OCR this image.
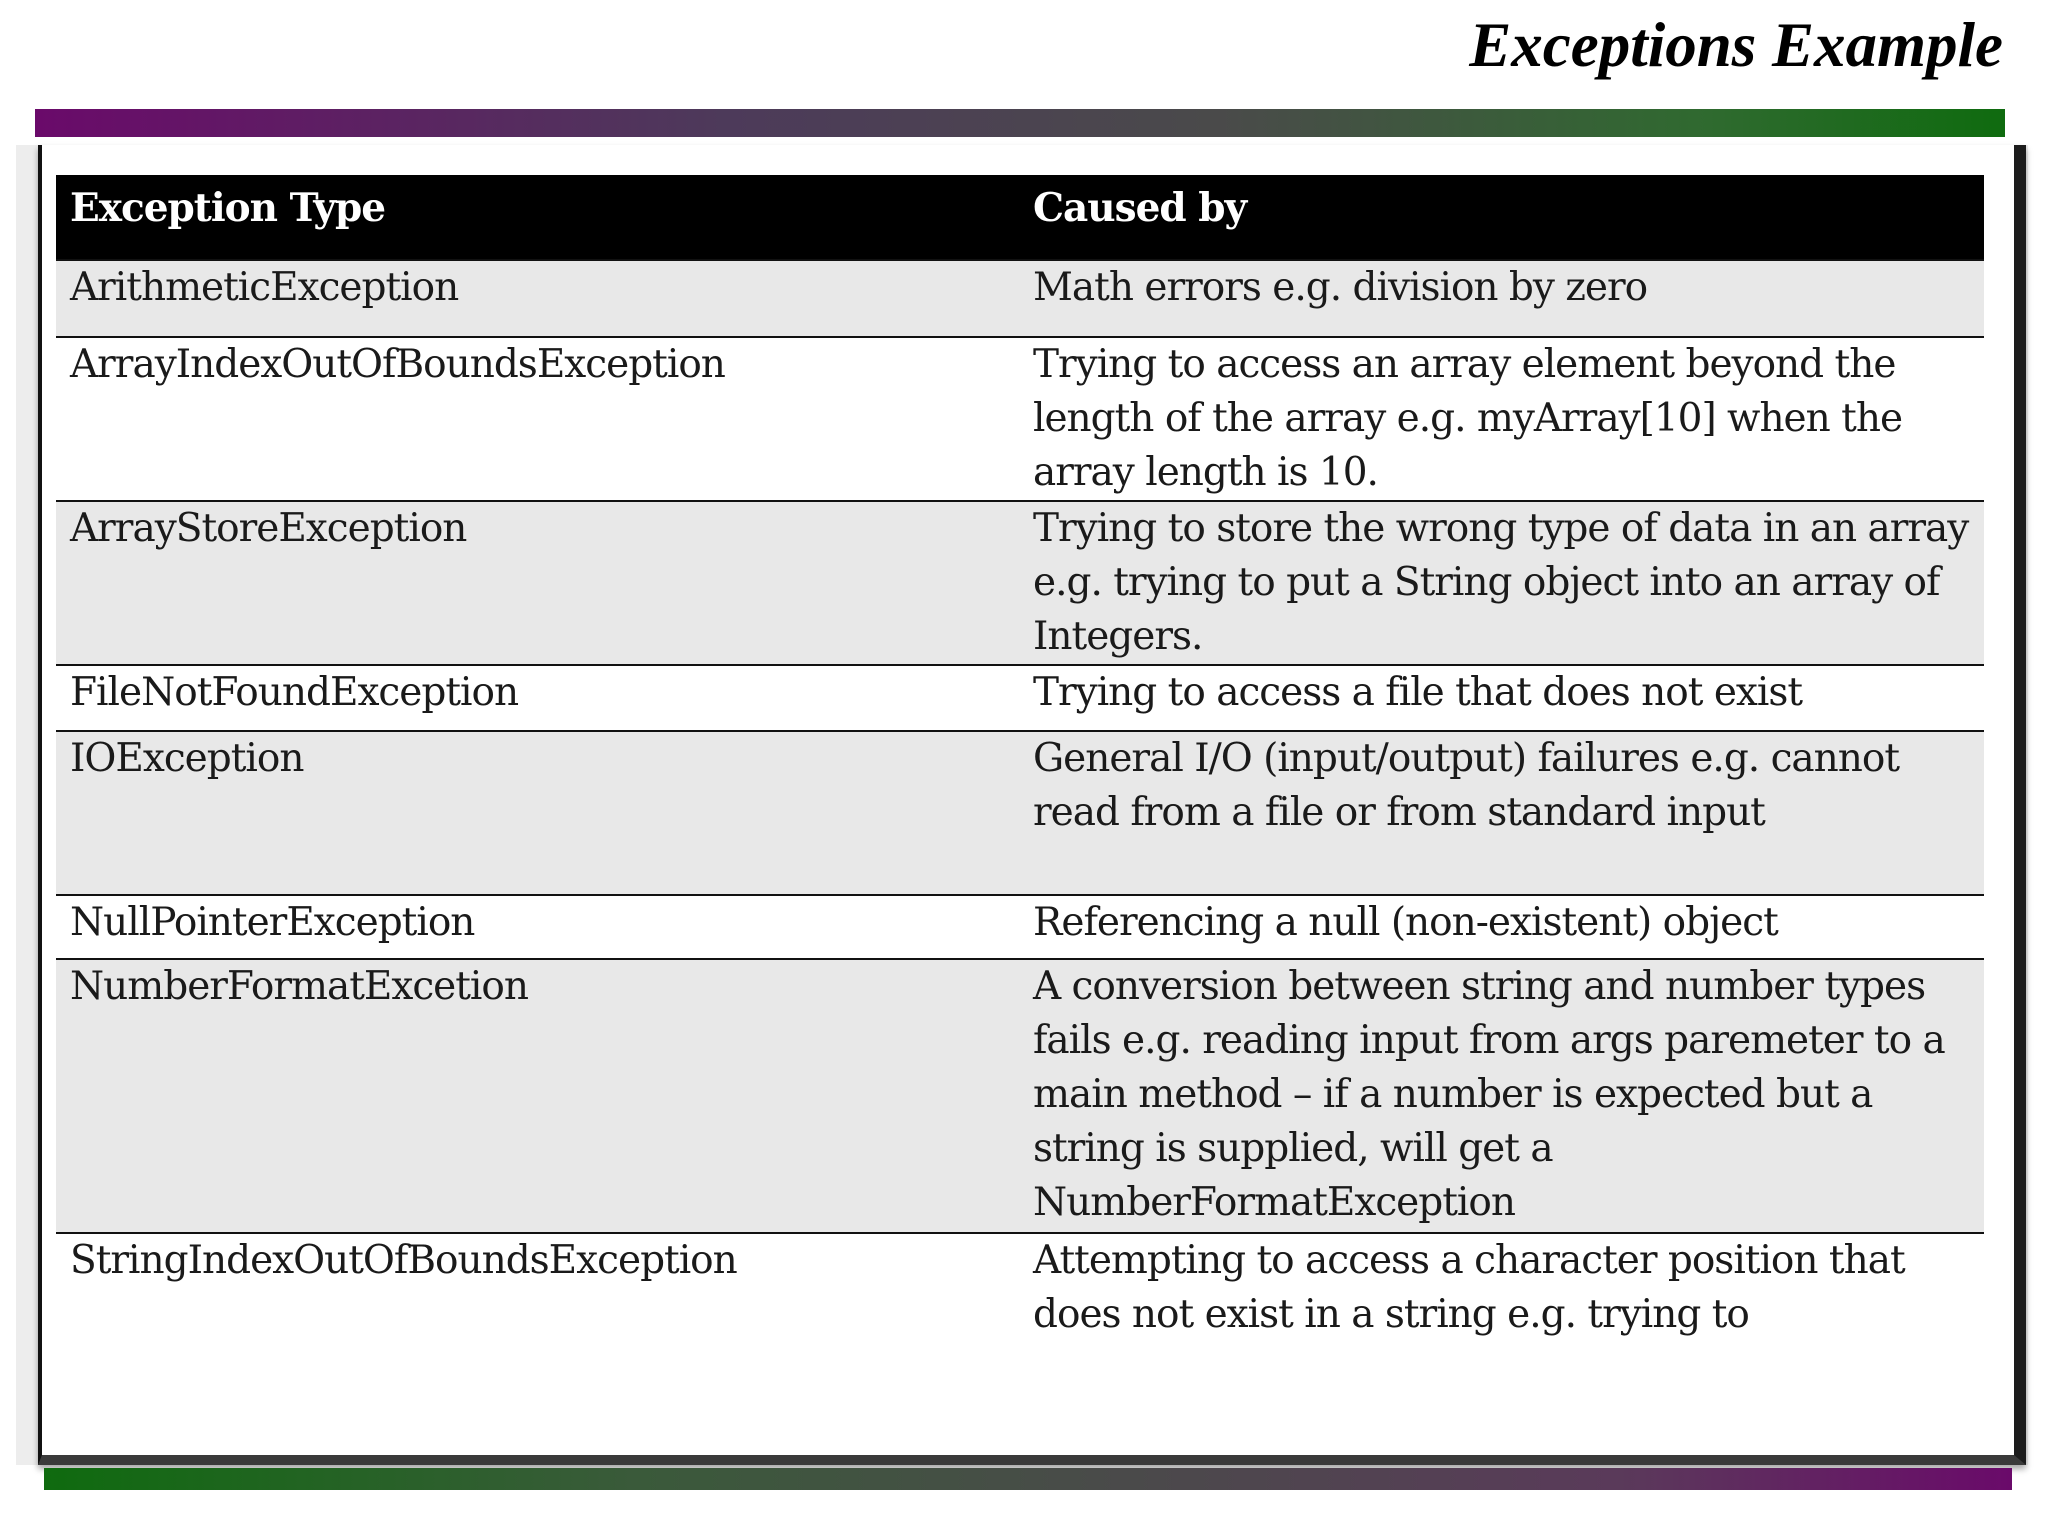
Exceptions Example
Exception Type	Caused by
ArithmeticException	Math errors e.g. division by zero
ArrayIndexOutOfBoundsException	Trying to access an array element beyond the length of the array e.g. myArray[10] when the array length is 10.
ArrayStoreException	Trying to store the wrong type of data in an array e.g. trying to put a String object into an array of Integers.
FileNotFoundException	Trying to access a file that does not exist
IOException	General I/O (input/output) failures e.g. cannot read from a file or from standard input
NullPointerException	Referencing a null (non-existent) object
NumberFormatExcetion	A conversion between string and number types fails e.g. reading input from args paremeter to a main method – if a number is expected but a string is supplied, will get a NumberFormatException
StringIndexOutOfBoundsException	Attempting to access a character position that does not exist in a string e.g. trying to
